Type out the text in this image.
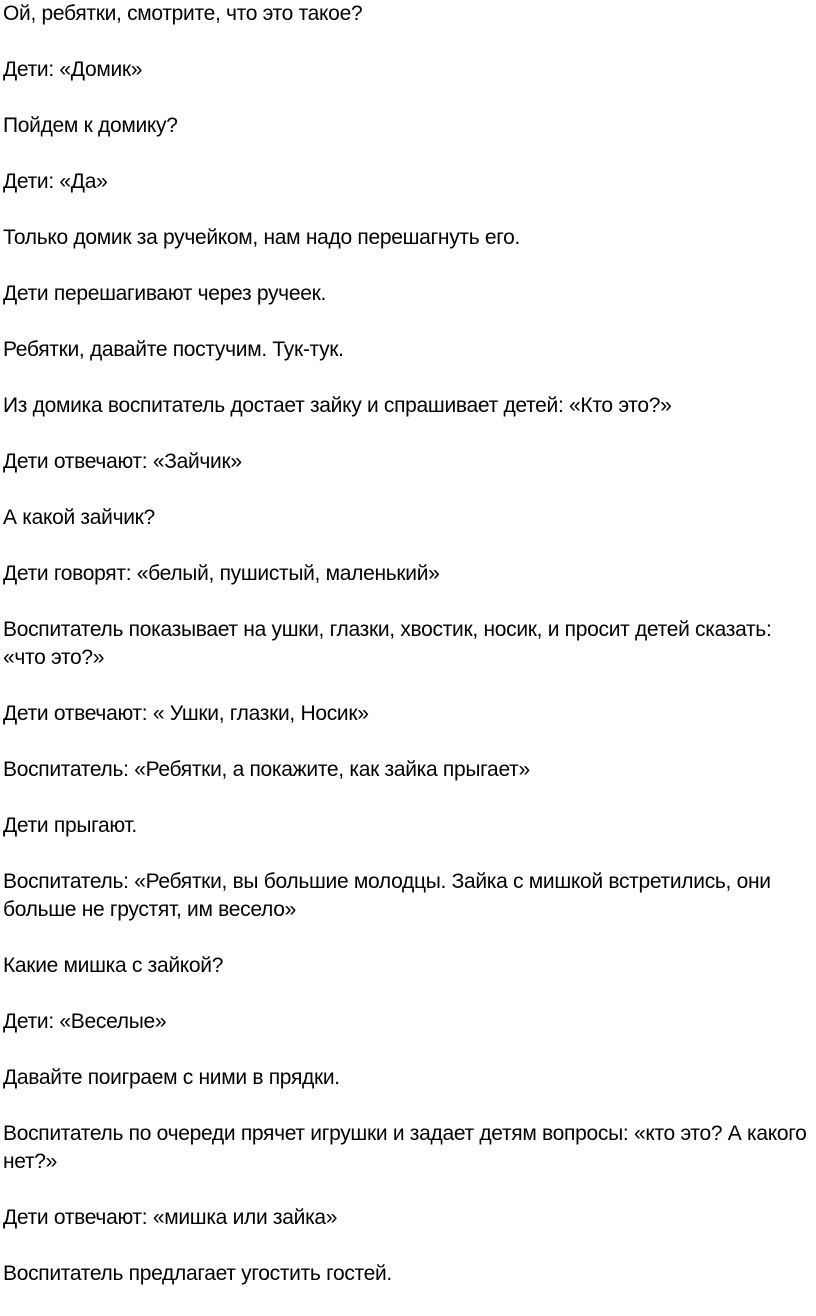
Ой, ребятки, смотрите, что это такое?

Дети: «Домик»

Пойдем к домику?

Дети: «Да»

Только домик за ручейком, нам надо перешагнуть его.

Дети перешагивают через ручеек.

Ребятки, давайте постучим. Тук-тук.

Из домика воспитатель достает зайку и спрашивает детей: «Кто это?»

Дети отвечают: «Зайчик»

А какой зайчик?

Дети говорят: «белый, пушистый, маленький»

Воспитатель показывает на ушки, глазки, хвостик, носик, и просит детей сказать: «что это?»

Дети отвечают: « Ушки, глазки, Носик»

Воспитатель: «Ребятки, а покажите, как зайка прыгает»

Дети прыгают.

Воспитатель: «Ребятки, вы большие молодцы. Зайка с мишкой встретились, они больше не грустят, им весело»

Какие мишка с зайкой?

Дети: «Веселые»

Давайте поиграем с ними в прядки.

Воспитатель по очереди прячет игрушки и задает детям вопросы: «кто это? А какого нет?»

Дети отвечают: «мишка или зайка»

Воспитатель предлагает угостить гостей.
